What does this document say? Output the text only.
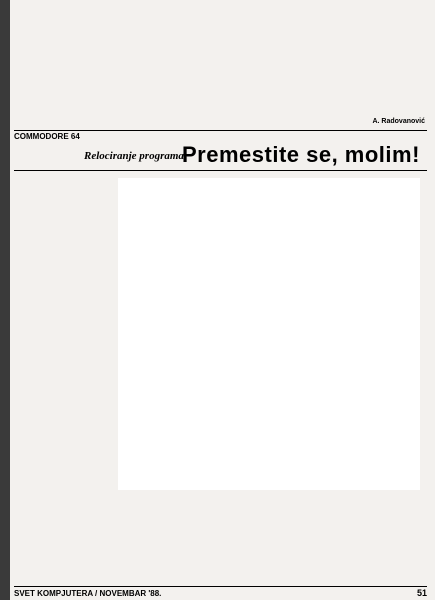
A. Radovanović
COMMODORE 64
Relociranje programa:
Premestite se, molim!

SVET KOMPJUTERA / NOVEMBAR '88.	51
